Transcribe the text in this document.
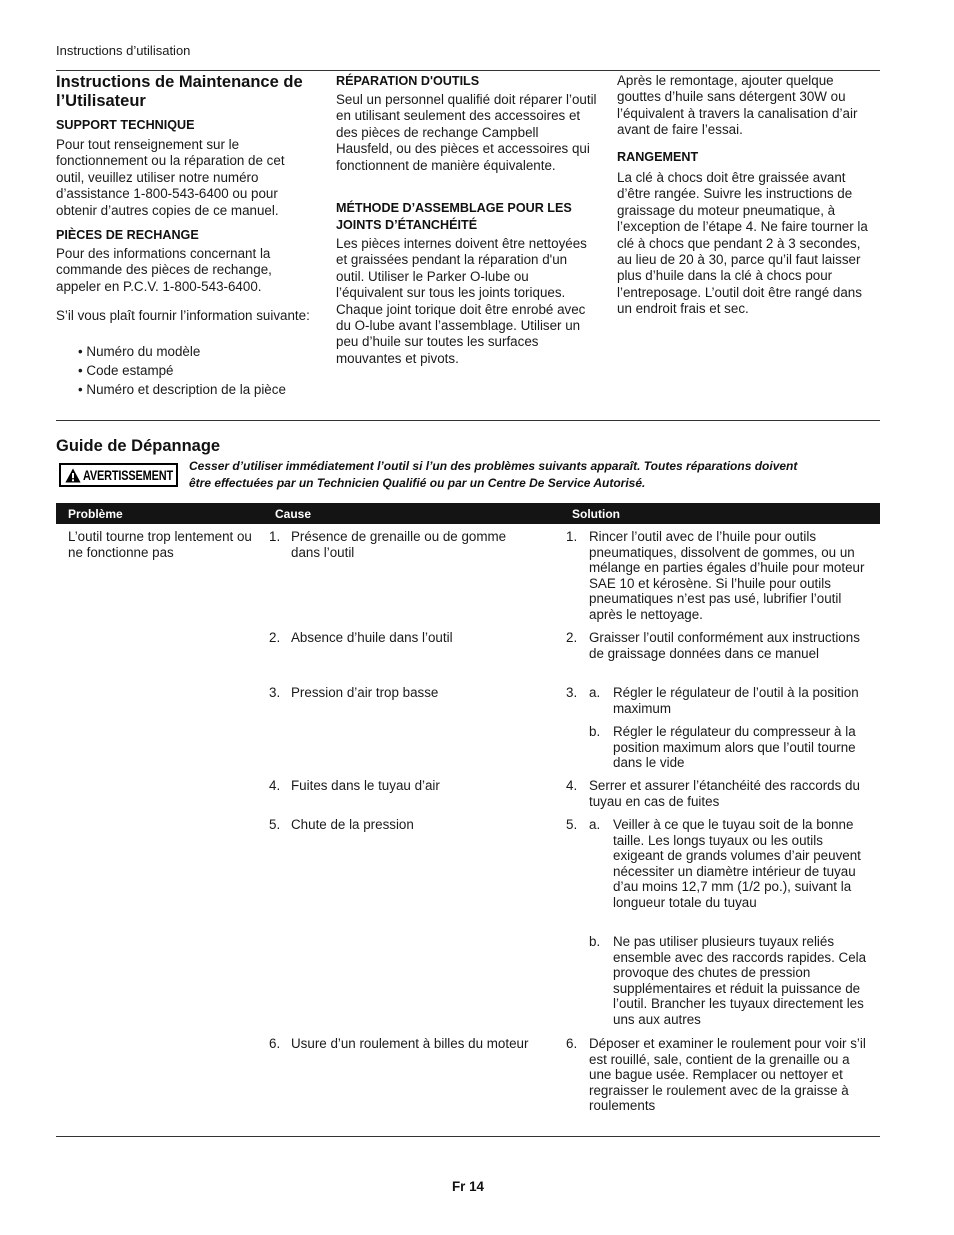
Instructions d’utilisation
Instructions de Maintenance de l’Utilisateur
SUPPORT TECHNIQUE
Pour tout renseignement sur le fonctionnement ou la réparation de cet outil, veuillez utiliser notre numéro d’assistance 1-800-543-6400 ou pour obtenir d’autres copies de ce manuel.
PIÈCES DE RECHANGE
Pour des informations concernant la commande des pièces de rechange, appeler en P.C.V. 1-800-543-6400.
S’il vous plaît fournir l’information suivante:
• Numéro du modèle
• Code estampé
• Numéro et description de la pièce
RÉPARATION D'OUTILS
Seul un personnel qualifié doit réparer l’outil en utilisant seulement des accessoires et des pièces de rechange Campbell Hausfeld, ou des pièces et accessoires qui fonctionnent de manière équivalente.
MÉTHODE D’ASSEMBLAGE POUR LES JOINTS D’ÉTANCHÉITÉ
Les pièces internes doivent être nettoyées et graissées pendant la réparation d'un outil. Utiliser le Parker O-lube ou l’équivalent sur tous les joints toriques. Chaque joint torique doit être enrobé avec du O-lube avant l’assemblage. Utiliser un peu d’huile sur toutes les surfaces mouvantes et pivots.
Après le remontage, ajouter quelque gouttes d’huile sans détergent 30W ou l’équivalent à travers la canalisation d’air avant de faire l’essai.
RANGEMENT
La clé à chocs doit être graissée avant d’être rangée. Suivre les instructions de graissage du moteur pneumatique, à l’exception de l’étape 4. Ne faire tourner la clé à chocs que pendant 2 à 3 secondes, au lieu de 20 à 30, parce qu’il faut laisser plus d’huile dans la clé à chocs pour l’entreposage. L’outil doit être rangé dans un endroit frais et sec.
Guide de Dépannage
AVERTISSEMENT
Cesser d’utiliser immédiatement l’outil si l’un des problèmes suivants apparaît. Toutes réparations doivent être effectuées par un Technicien Qualifié ou par un Centre De Service Autorisé.
Problème	Cause	Solution
L’outil tourne trop lentement ou ne fonctionne pas
1. Présence de grenaille ou de gomme dans l’outil
2. Absence d’huile dans l’outil
3. Pression d’air trop basse
4. Fuites dans le tuyau d’air
5. Chute de la pression
6. Usure d’un roulement à billes du moteur
1. Rincer l’outil avec de l’huile pour outils pneumatiques, dissolvent de gommes, ou un mélange en parties égales d’huile pour moteur SAE 10 et kérosène. Si l’huile pour outils pneumatiques n’est pas usé, lubrifier l’outil après le nettoyage.
2. Graisser l’outil conformément aux instructions de graissage données dans ce manuel
3. a. Régler le régulateur de l’outil à la position maximum
b. Régler le régulateur du compresseur à la position maximum alors que l’outil tourne dans le vide
4. Serrer et assurer l’étanchéité des raccords du tuyau en cas de fuites
5. a. Veiller à ce que le tuyau soit de la bonne taille. Les longs tuyaux ou les outils exigeant de grands volumes d’air peuvent nécessiter un diamètre intérieur de tuyau d’au moins 12,7 mm (1/2 po.), suivant la longueur totale du tuyau
b. Ne pas utiliser plusieurs tuyaux reliés ensemble avec des raccords rapides. Cela provoque des chutes de pression supplémentaires et réduit la puissance de l’outil. Brancher les tuyaux directement les uns aux autres
6. Déposer et examiner le roulement pour voir s’il est rouillé, sale, contient de la grenaille ou a une bague usée. Remplacer ou nettoyer et regraisser le roulement avec de la graisse à roulements
Fr 14
